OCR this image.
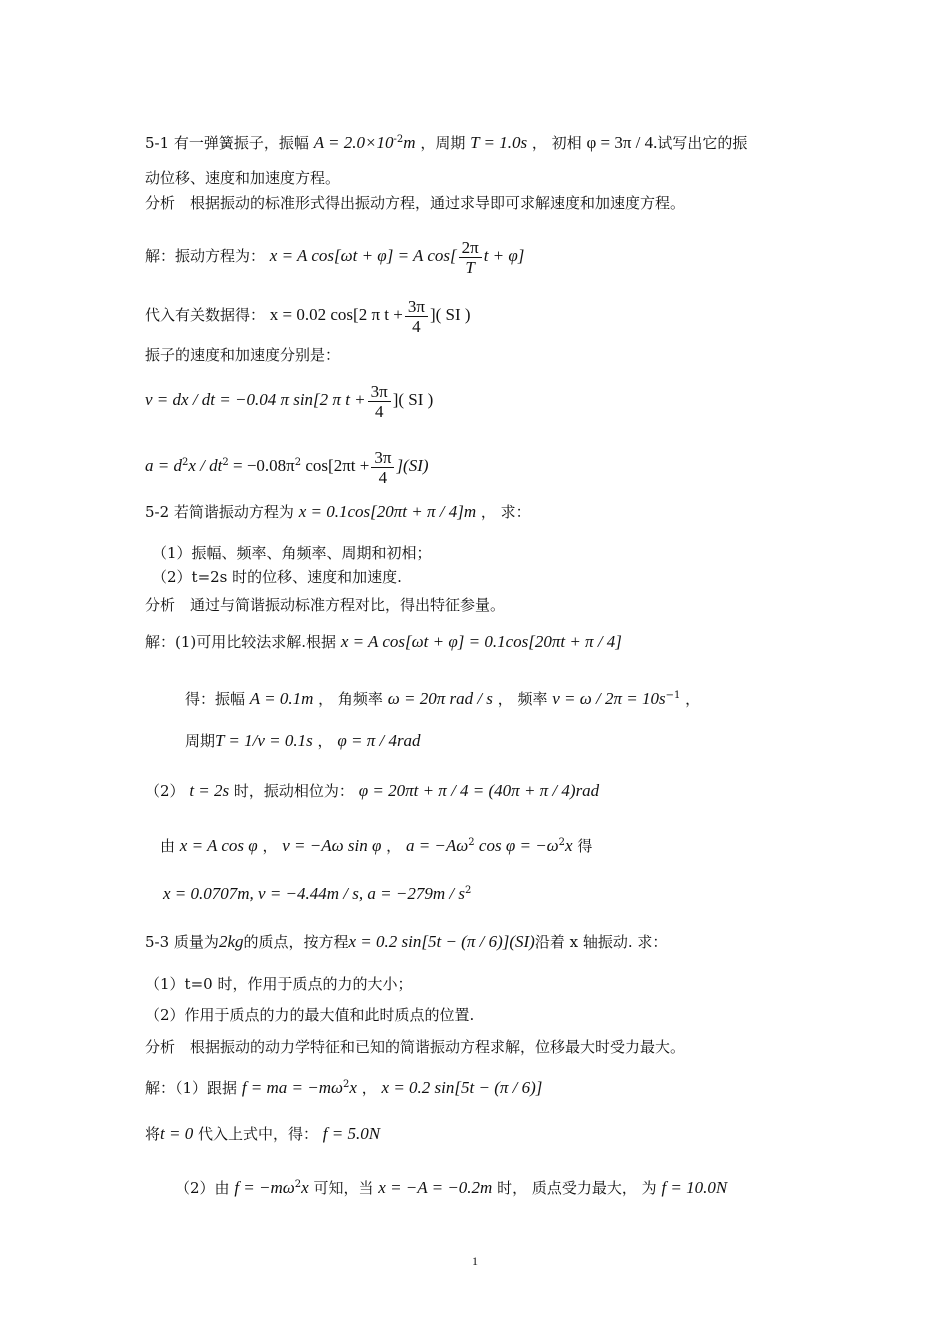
5-1 有一弹簧振子，振幅 $A = 2.0\times 10^{-2}m$ ，周期 T = 1.0s ， 初相 φ = 3π / 4.试写出它的振
动位移、速度和加速度方程。
分析　根据振动的标准形式得出振动方程，通过求导即可求解速度和加速度方程。
解：振动方程为： x = A cos[ωt + φ] = A $\cos[ \frac{2\pi}{T}$ t + φ]
代入有关数据得： x = 0.02 cos[2 π $t + \frac{3\pi}{4}$ ]( SI )
振子的速度和加速度分别是：
v = dx / dt = −0.04 π sin[2 π $t + \frac{3\pi}{4}$ ]( SI )
$a = d^2x / dt^2 = -0.08\pi^2$ $\cos[2\pi t + \frac{3\pi}{4} ](SI)$
5-2 若简谐振动方程为 x = 0.1cos[20πt + π / 4]m ， 求：
（1）振幅、频率、角频率、周期和初相；
（2）t=2s 时的位移、速度和加速度.
分析　通过与简谐振动标准方程对比，得出特征参量。
解：(1)可用比较法求解.根据 x = A cos[ωt + φ] = 0.1cos[20πt + π / 4]
得：振幅 A = 0.1m ， 角频率 ω = 20π rad / s ， 频率 $\nu = \omega / 2\pi = 10s^{-1}$ ，
周期T = 1/ν = 0.1s ， φ = π / 4rad
（2） t = 2s 时，振动相位为： φ = 20πt + π / 4 = (40π + π / 4)rad
由 x = A cos φ ， ν = −Aω sin φ ， $a = -A\omega^2$ $\cos \varphi = -\omega^2x$ 得
x = 0.0707m, ν = −4.44m / s, $a = -279m / s^2$
5-3 质量为2kg的质点，按方程x = 0.2 sin[5t − (π / 6)](SI)沿着 x 轴振动. 求：
（1）t=0 时，作用于质点的力的大小；
（2）作用于质点的力的最大值和此时质点的位置.
分析　根据振动的动力学特征和已知的简谐振动方程求解，位移最大时受力最大。
解：（1）跟据 f = ma = $-m\omega^2x$ ， x = 0.2 sin[5t − (π / 6)]
将t = 0 代入上式中，得： f = 5.0N
（2）由 $f = -m\omega^2x$ 可知，当 x = −A = −0.2m 时， 质点受力最大， 为 f = 10.0N
1
